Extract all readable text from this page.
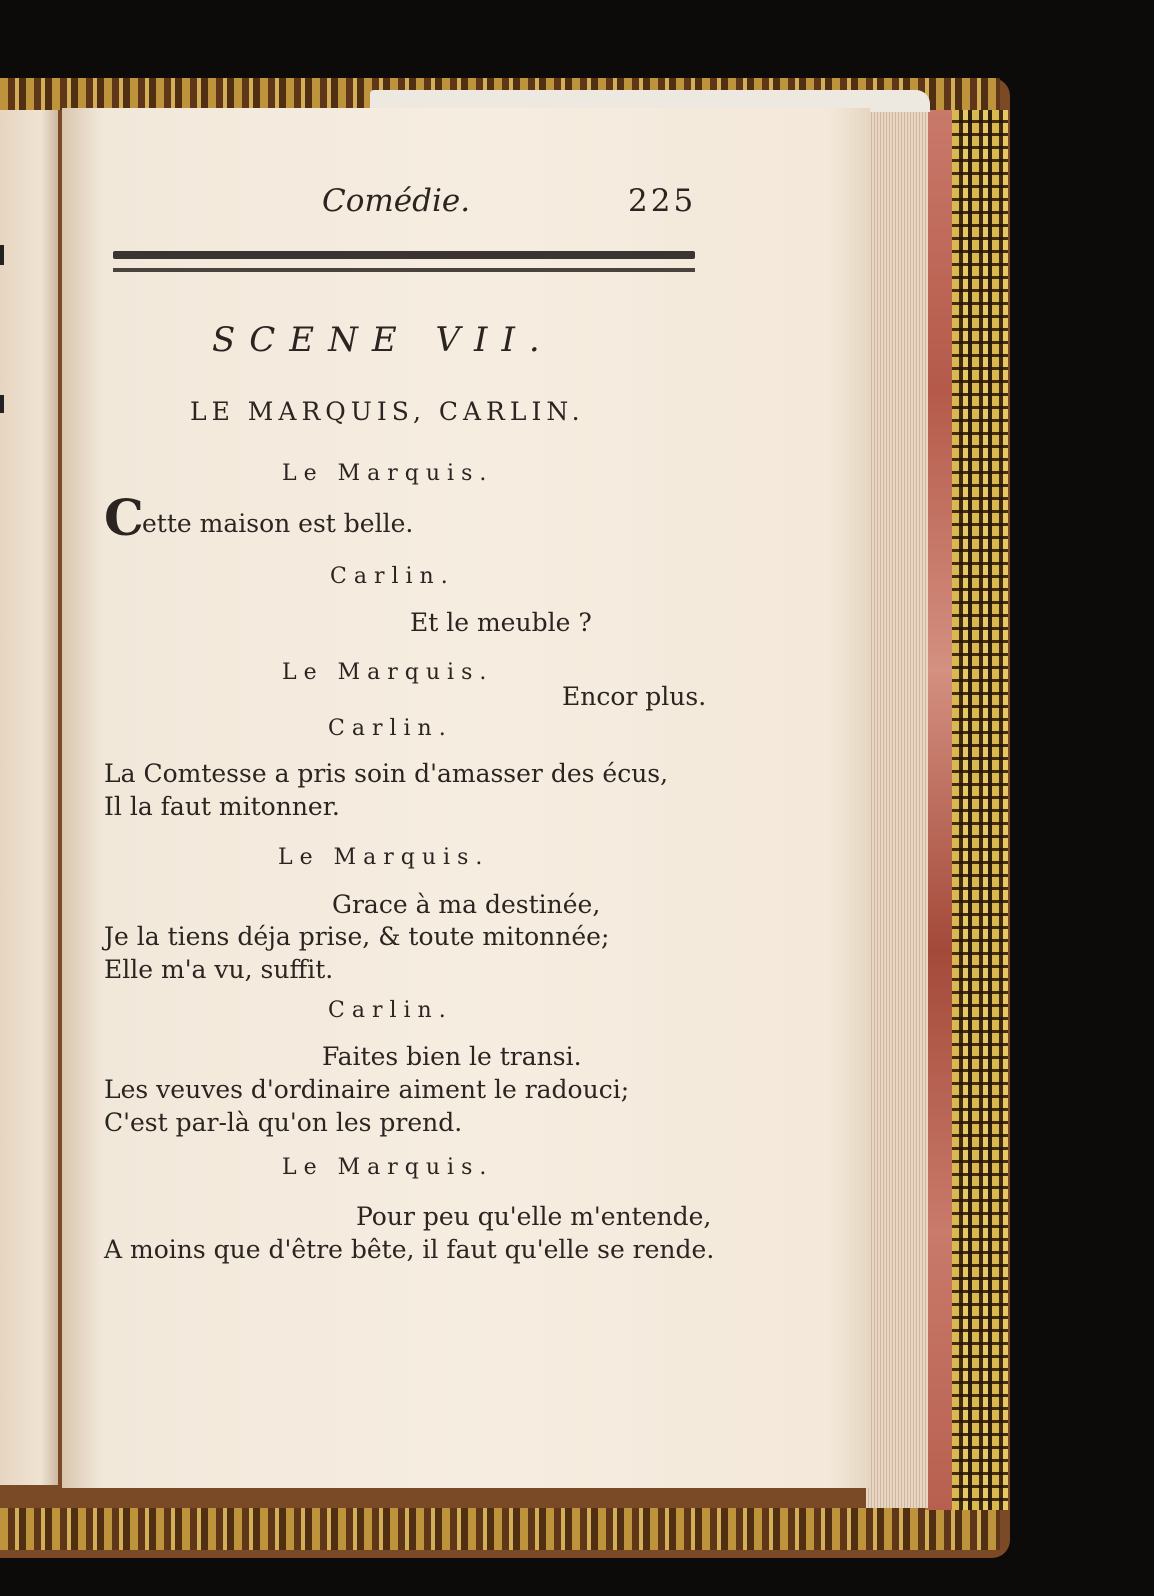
Comédie.	225
SCENE VII.
LE MARQUIS, CARLIN.
Le Marquis.
C
ette maison est belle.
Carlin.
Et le meuble ?
Le Marquis.
Encor plus.
Carlin.
La Comtesse a pris soin d'amasser des écus,
Il la faut mitonner.
Le Marquis.
Grace à ma destinée,
Je la tiens déja prise, & toute mitonnée;
Elle m'a vu, suffit.
Carlin.
Faites bien le transi.
Les veuves d'ordinaire aiment le radouci;
C'est par-là qu'on les prend.
Le Marquis.
Pour peu qu'elle m'entende,
A moins que d'être bête, il faut qu'elle se rende.
